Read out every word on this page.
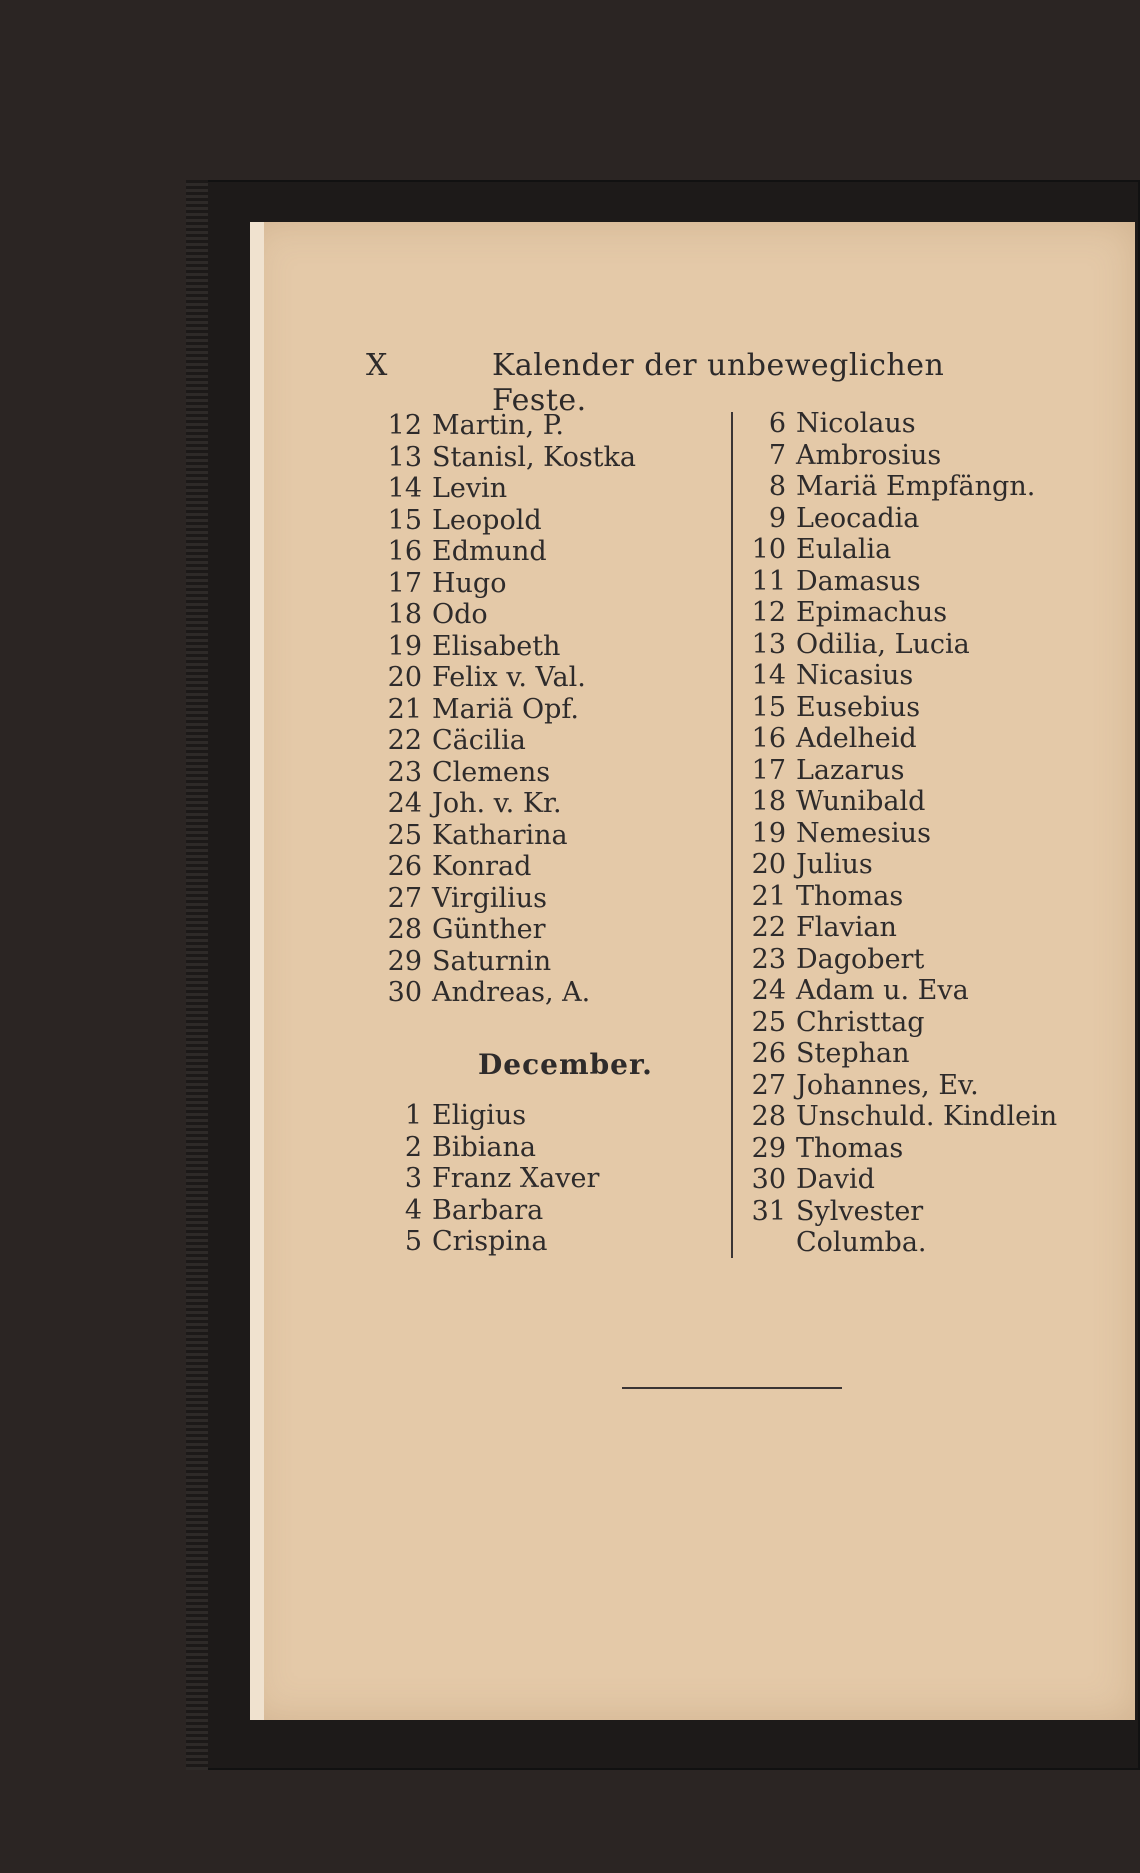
X	Kalender der unbeweglichen Feste.
12 Martin, P.
13 Stanisl, Kostka
14 Levin
15 Leopold
16 Edmund
17 Hugo
18 Odo
19 Elisabeth
20 Felix v. Val.
21 Mariä Opf.
22 Cäcilia
23 Clemens
24 Joh. v. Kr.
25 Katharina
26 Konrad
27 Virgilius
28 Günther
29 Saturnin
30 Andreas, A.
December.
1 Eligius
2 Bibiana
3 Franz Xaver
4 Barbara
5 Crispina
6 Nicolaus
7 Ambrosius
8 Mariä Empfängn.
9 Leocadia
10 Eulalia
11 Damasus
12 Epimachus
13 Odilia, Lucia
14 Nicasius
15 Eusebius
16 Adelheid
17 Lazarus
18 Wunibald
19 Nemesius
20 Julius
21 Thomas
22 Flavian
23 Dagobert
24 Adam u. Eva
25 Christtag
26 Stephan
27 Johannes, Ev.
28 Unschuld. Kindlein
29 Thomas
30 David
31 Sylvester
Columba.
